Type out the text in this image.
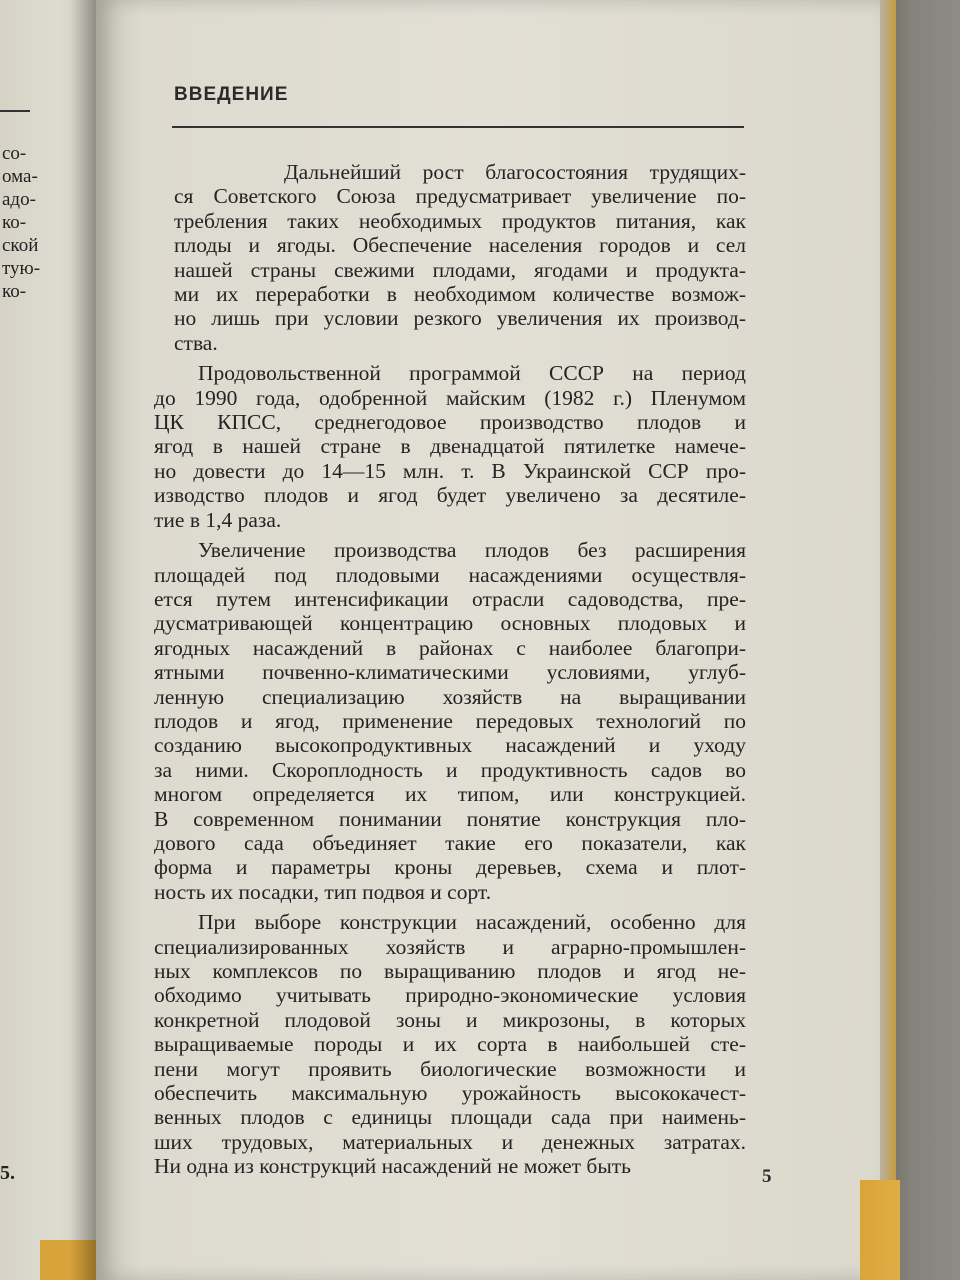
со-
ома-
адо-
ко-
ской
тую-
ко-
5.
ВВЕДЕНИЕ

Дальнейший рост благосостояния трудящих-
ся Советского Союза предусматривает увеличение по-
требления таких необходимых продуктов питания, как
плоды и ягоды. Обеспечение населения городов и сел
нашей страны свежими плодами, ягодами и продукта-
ми их переработки в необходимом количестве возмож-
но лишь при условии резкого увеличения их производ-
ства.

Продовольственной программой СССР на период
до 1990 года, одобренной майским (1982 г.) Пленумом
ЦК КПСС, среднегодовое производство плодов и
ягод в нашей стране в двенадцатой пятилетке намече-
но довести до 14—15 млн. т. В Украинской ССР про-
изводство плодов и ягод будет увеличено за десятиле-
тие в 1,4 раза.

Увеличение производства плодов без расширения
площадей под плодовыми насаждениями осуществля-
ется путем интенсификации отрасли садоводства, пре-
дусматривающей концентрацию основных плодовых и
ягодных насаждений в районах с наиболее благопри-
ятными почвенно-климатическими условиями, углуб-
ленную специализацию хозяйств на выращивании
плодов и ягод, применение передовых технологий по
созданию высокопродуктивных насаждений и уходу
за ними. Скороплодность и продуктивность садов во
многом определяется их типом, или конструкцией.
В современном понимании понятие конструкция пло-
дового сада объединяет такие его показатели, как
форма и параметры кроны деревьев, схема и плот-
ность их посадки, тип подвоя и сорт.

При выборе конструкции насаждений, особенно для
специализированных хозяйств и аграрно-промышлен-
ных комплексов по выращиванию плодов и ягод не-
обходимо учитывать природно-экономические условия
конкретной плодовой зоны и микрозоны, в которых
выращиваемые породы и их сорта в наибольшей сте-
пени могут проявить биологические возможности и
обеспечить максимальную урожайность высококачест-
венных плодов с единицы площади сада при наимень-
ших трудовых, материальных и денежных затратах.
Ни одна из конструкций насаждений не может быть	5
